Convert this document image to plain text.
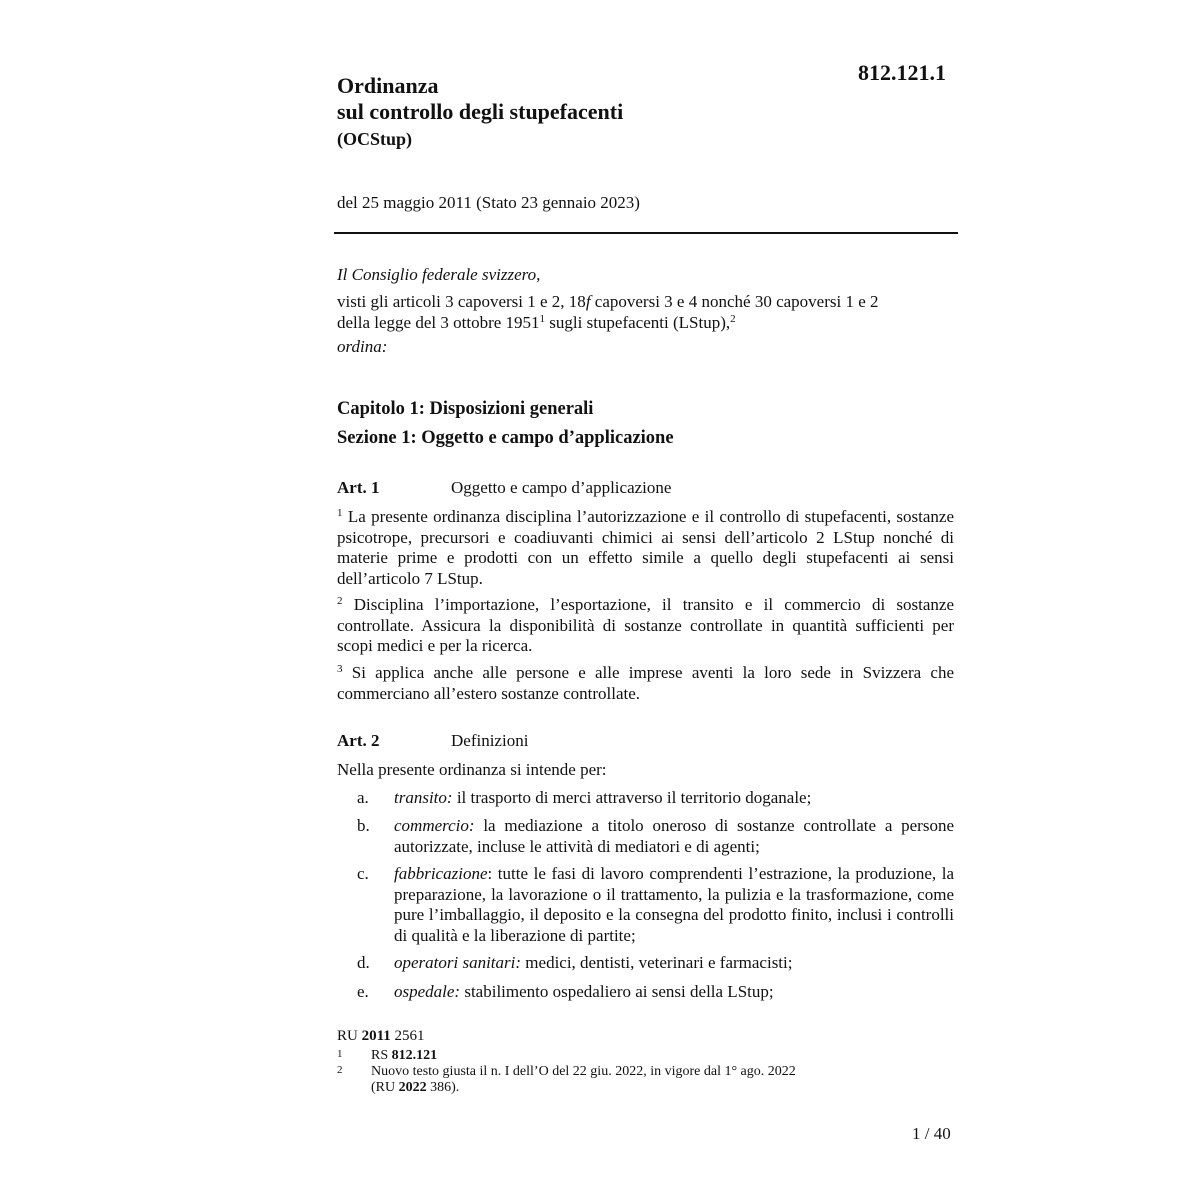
812.121.1
Ordinanza
sul controllo degli stupefacenti
(OCStup)
del 25 maggio 2011 (Stato 23 gennaio 2023)
Il Consiglio federale svizzero,
visti gli articoli 3 capoversi 1 e 2, 18f capoversi 3 e 4 nonché 30 capoversi 1 e 2
della legge del 3 ottobre 1951$^1$ sugli stupefacenti (LStup),$^2$
ordina:
Capitolo 1: Disposizioni generali
Sezione 1: Oggetto e campo d’applicazione
Art. 1	Oggetto e campo d’applicazione
$^1$ La presente ordinanza disciplina l’autorizzazione e il controllo di stupefacenti, sostanze psicotrope, precursori e coadiuvanti chimici ai sensi dell’articolo 2 LStup nonché di materie prime e prodotti con un effetto simile a quello degli stupefacenti ai sensi dell’articolo 7 LStup.
$^2$ Disciplina l’importazione, l’esportazione, il transito e il commercio di sostanze controllate. Assicura la disponibilità di sostanze controllate in quantità sufficienti per scopi medici e per la ricerca.
$^3$ Si applica anche alle persone e alle imprese aventi la loro sede in Svizzera che commerciano all’estero sostanze controllate.
Art. 2	Definizioni
Nella presente ordinanza si intende per:
a.	transito: il trasporto di merci attraverso il territorio doganale;
b.	commercio: la mediazione a titolo oneroso di sostanze controllate a persone autorizzate, incluse le attività di mediatori e di agenti;
c.	fabbricazione: tutte le fasi di lavoro comprendenti l’estrazione, la produzione, la preparazione, la lavorazione o il trattamento, la pulizia e la trasformazione, come pure l’imballaggio, il deposito e la consegna del prodotto finito, inclusi i controlli di qualità e la liberazione di partite;
d.	operatori sanitari: medici, dentisti, veterinari e farmacisti;
e.	ospedale: stabilimento ospedaliero ai sensi della LStup;
RU 2011 2561
1 RS 812.121
2 Nuovo testo giusta il n. I dell’O del 22 giu. 2022, in vigore dal 1° ago. 2022
(RU 2022 386).
1 / 40
